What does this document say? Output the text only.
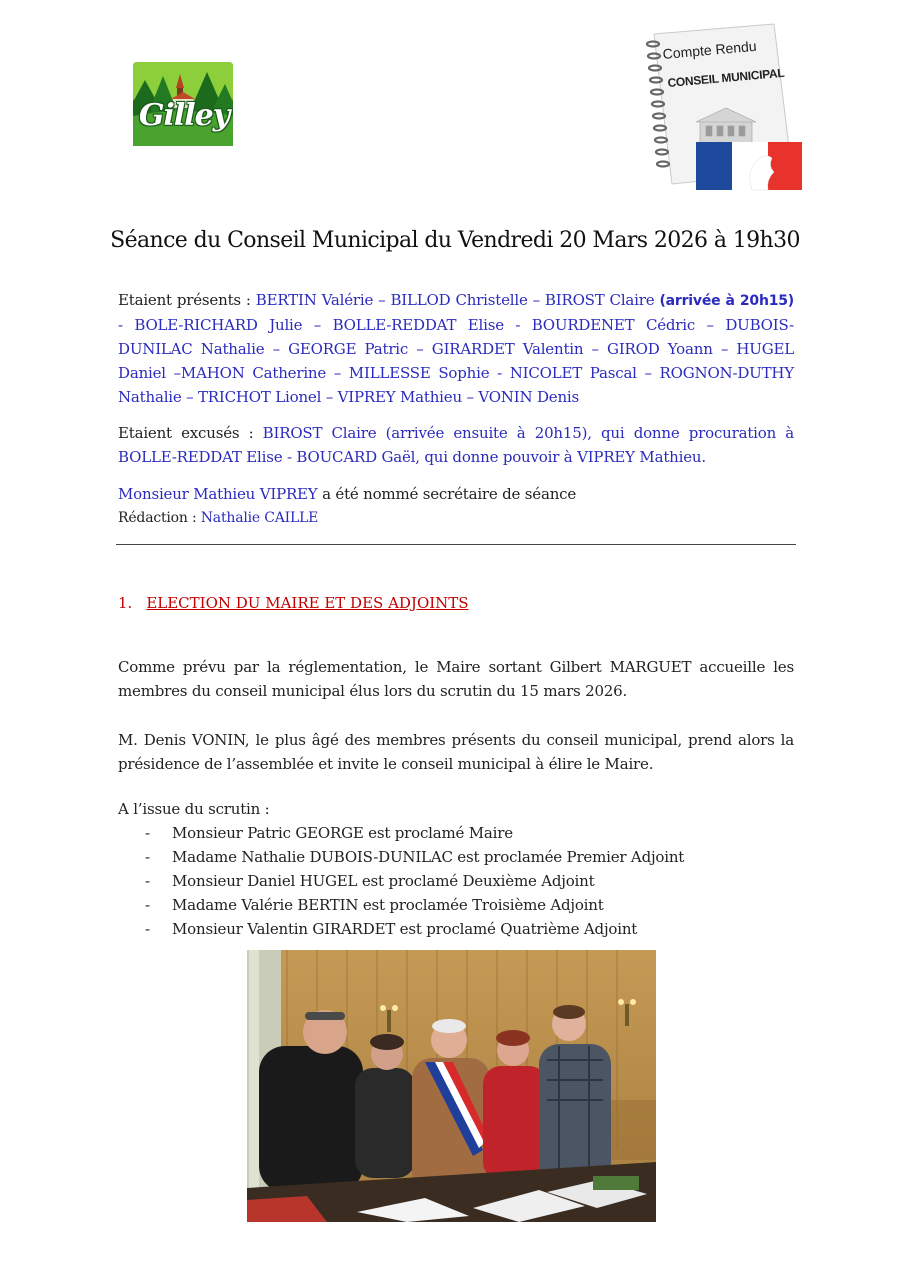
Gilley
Compte Rendu
CONSEIL MUNICIPAL
Séance du Conseil Municipal du Vendredi 20 Mars 2026 à 19h30
Etaient présents : BERTIN Valérie – BILLOD Christelle – BIROST Claire (arrivée à 20h15) - BOLE-RICHARD Julie – BOLLE-REDDAT Elise - BOURDENET Cédric – DUBOIS-DUNILAC Nathalie – GEORGE Patric – GIRARDET Valentin – GIROD Yoann – HUGEL Daniel –MAHON Catherine – MILLESSE Sophie - NICOLET Pascal – ROGNON-DUTHY Nathalie – TRICHOT Lionel – VIPREY Mathieu – VONIN Denis
Etaient excusés : BIROST Claire (arrivée ensuite à 20h15), qui donne procuration à BOLLE-REDDAT Elise - BOUCARD Gaël, qui donne pouvoir à VIPREY Mathieu.
Monsieur Mathieu VIPREY a été nommé secrétaire de séance
Rédaction : Nathalie CAILLE
1. ELECTION DU MAIRE ET DES ADJOINTS
Comme prévu par la réglementation, le Maire sortant Gilbert MARGUET accueille les membres du conseil municipal élus lors du scrutin du 15 mars 2026.
M. Denis VONIN, le plus âgé des membres présents du conseil municipal, prend alors la présidence de l’assemblée et invite le conseil municipal à élire le Maire.
A l’issue du scrutin :
- Monsieur Patric GEORGE est proclamé Maire
- Madame Nathalie DUBOIS-DUNILAC est proclamée Premier Adjoint
- Monsieur Daniel HUGEL est proclamé Deuxième Adjoint
- Madame Valérie BERTIN est proclamée Troisième Adjoint
- Monsieur Valentin GIRARDET est proclamé Quatrième Adjoint
